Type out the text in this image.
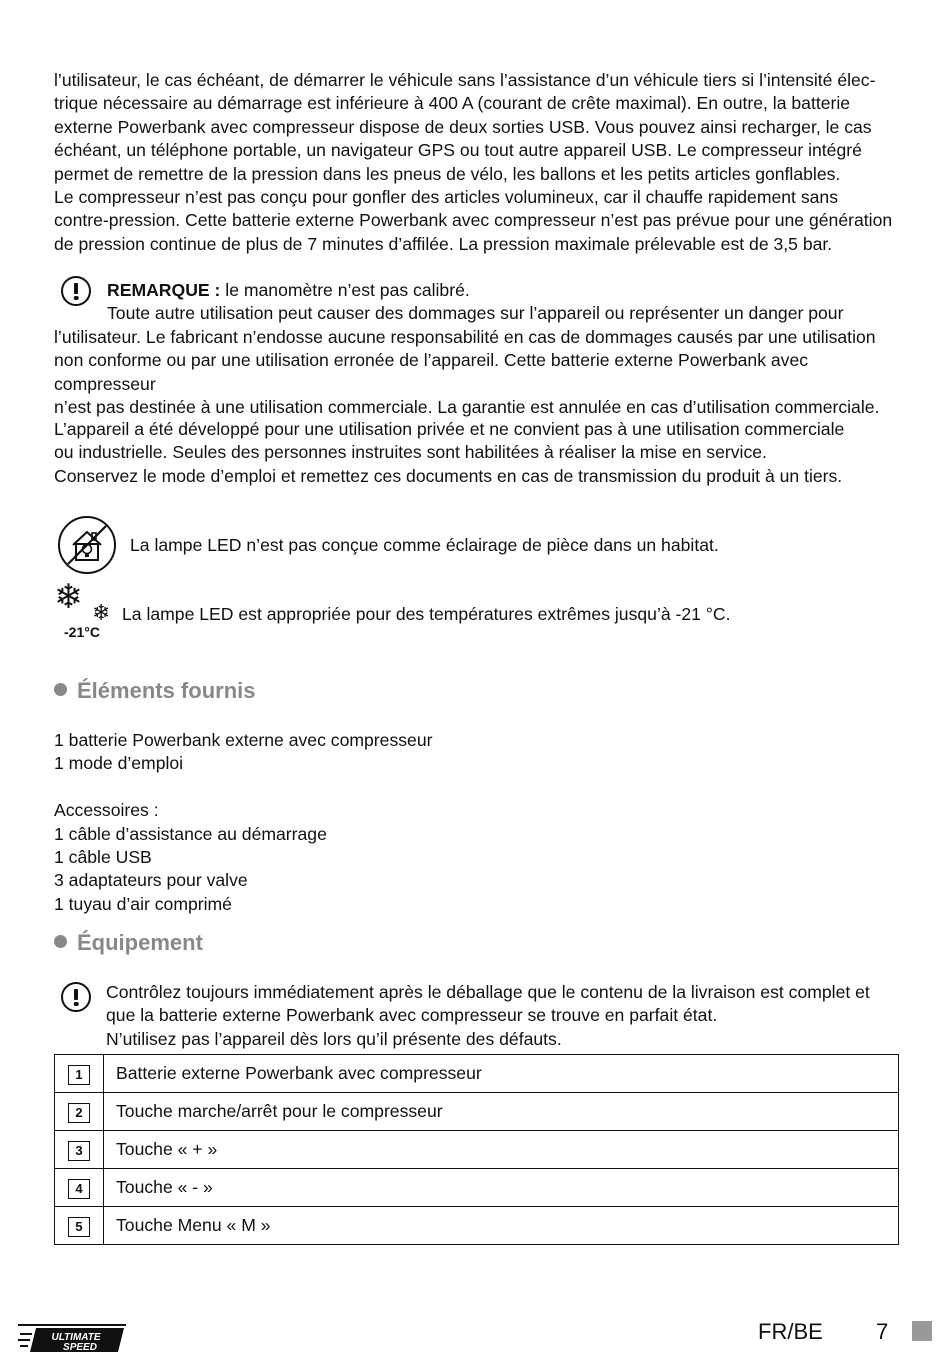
l’utilisateur, le cas échéant, de démarrer le véhicule sans l’assistance d’un véhicule tiers si l’intensité élec-

trique nécessaire au démarrage est inférieure à 400 A (courant de crête maximal). En outre, la batterie

externe Powerbank avec compresseur dispose de deux sorties USB. Vous pouvez ainsi recharger, le cas

échéant, un téléphone portable, un navigateur GPS ou tout autre appareil USB. Le compresseur intégré

permet de remettre de la pression dans les pneus de vélo, les ballons et les petits articles gonflables.

Le compresseur n’est pas conçu pour gonfler des articles volumineux, car il chauffe rapidement sans

contre-pression. Cette batterie externe Powerbank avec compresseur n’est pas prévue pour une génération

de pression continue de plus de 7 minutes d’affilée. La pression maximale prélevable est de 3,5 bar.

REMARQUE : le manomètre n’est pas calibré.

Toute autre utilisation peut causer des dommages sur l’appareil ou représenter un danger pour

l’utilisateur. Le fabricant n’endosse aucune responsabilité en cas de dommages causés par une utilisation

non conforme ou par une utilisation erronée de l’appareil. Cette batterie externe Powerbank avec compresseur

n’est pas destinée à une utilisation commerciale. La garantie est annulée en cas d’utilisation commerciale.

L’appareil a été développé pour une utilisation privée et ne convient pas à une utilisation commerciale

ou industrielle. Seules des personnes instruites sont habilitées à réaliser la mise en service.

Conservez le mode d’emploi et remettez ces documents en cas de transmission du produit à un tiers.

La lampe LED n’est pas conçue comme éclairage de pièce dans un habitat.
❄ ❄
-21°C
La lampe LED est appropriée pour des températures extrêmes jusqu’à -21 °C.
Éléments fournis

1 batterie Powerbank externe avec compresseur

1 mode d’emploi

Accessoires :

1 câble d’assistance au démarrage

1 câble USB

3 adaptateurs pour valve

1 tuyau d’air comprimé

Équipement

Contrôlez toujours immédiatement après le déballage que le contenu de la livraison est complet et

que la batterie externe Powerbank avec compresseur se trouve en parfait état.

N’utilisez pas l’appareil dès lors qu’il présente des défauts.

1	Batterie externe Powerbank avec compresseur
2	Touche marche/arrêt pour le compresseur
3	Touche « + »
4	Touche « - »
5	Touche Menu « M »
ULTIMATE
SPEED
FR/BE 7
